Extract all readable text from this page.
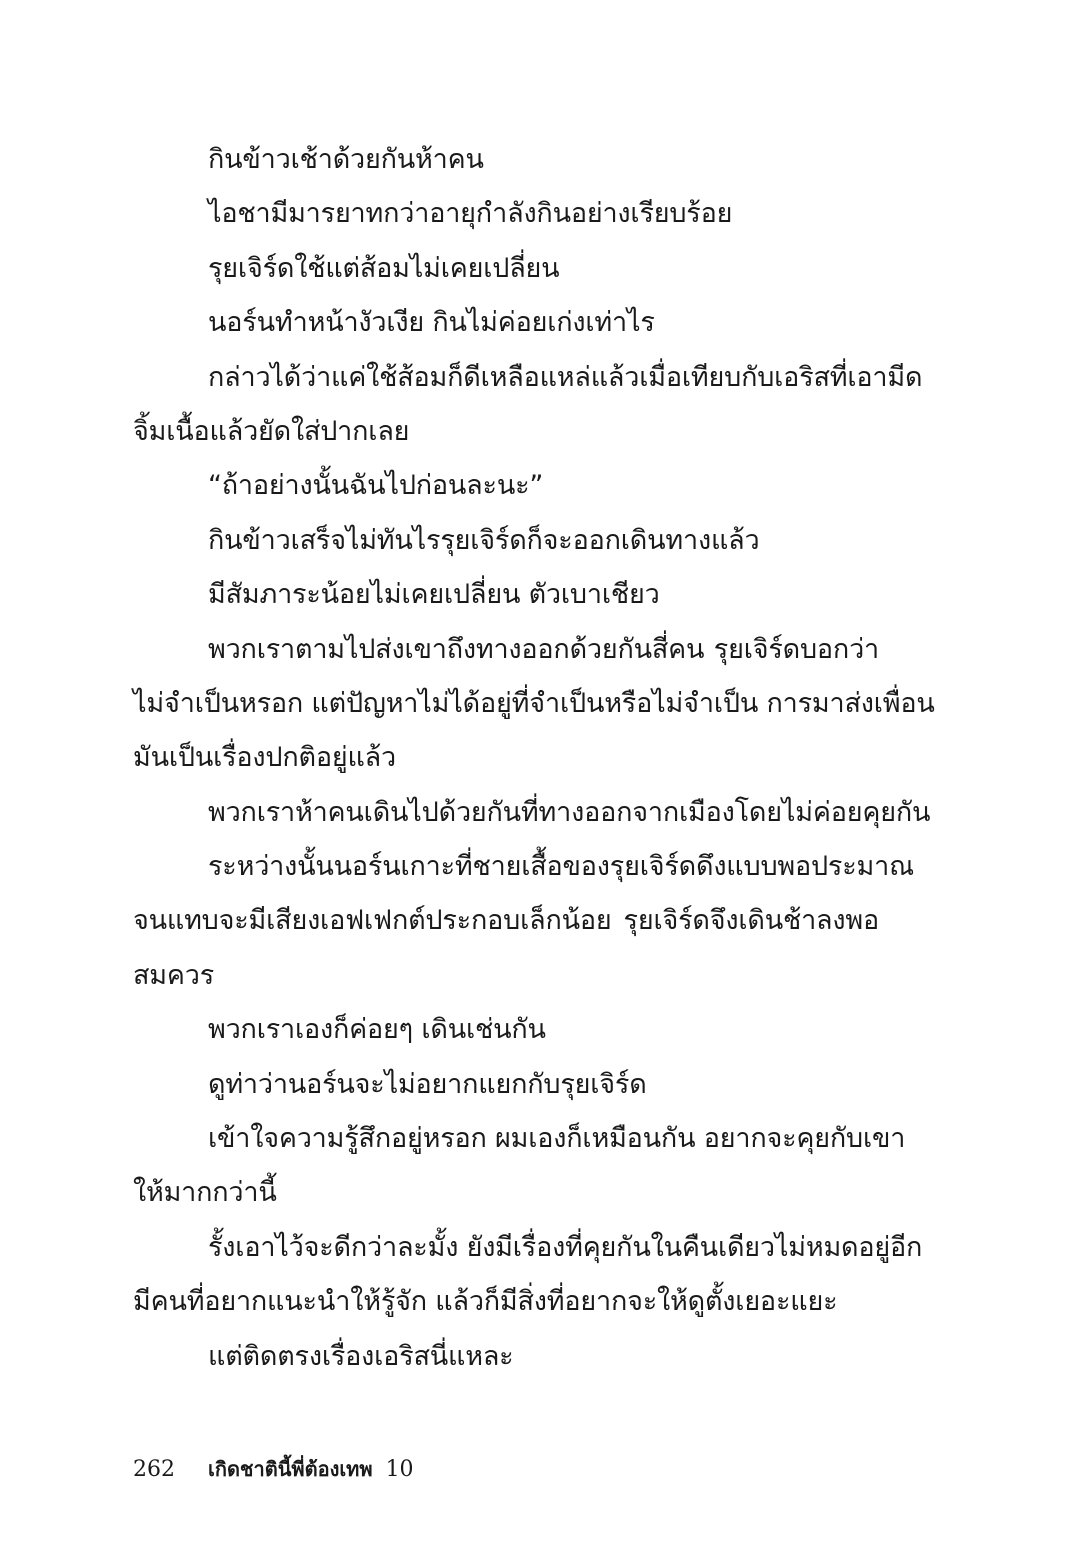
กินข้าวเช้าด้วยกันห้าคน
ไอชามีมารยาทกว่าอายุกำลังกินอย่างเรียบร้อย
รุยเจิร์ดใช้แต่ส้อมไม่เคยเปลี่ยน
นอร์นทำหน้างัวเงีย กินไม่ค่อยเก่งเท่าไร
กล่าวได้ว่าแค่ใช้ส้อมก็ดีเหลือแหล่แล้วเมื่อเทียบกับเอริสที่เอามีด
จิ้มเนื้อแล้วยัดใส่ปากเลย
“ถ้าอย่างนั้นฉันไปก่อนละนะ”
กินข้าวเสร็จไม่ทันไรรุยเจิร์ดก็จะออกเดินทางแล้ว
มีสัมภาระน้อยไม่เคยเปลี่ยน ตัวเบาเชียว
พวกเราตามไปส่งเขาถึงทางออกด้วยกันสี่คน รุยเจิร์ดบอกว่า
ไม่จำเป็นหรอก แต่ปัญหาไม่ได้อยู่ที่จำเป็นหรือไม่จำเป็น การมาส่งเพื่อน
มันเป็นเรื่องปกติอยู่แล้ว
พวกเราห้าคนเดินไปด้วยกันที่ทางออกจากเมืองโดยไม่ค่อยคุยกัน
ระหว่างนั้นนอร์นเกาะที่ชายเสื้อของรุยเจิร์ดดึงแบบพอประมาณ
จนแทบจะมีเสียงเอฟเฟกต์ประกอบเล็กน้อย รุยเจิร์ดจึงเดินช้าลงพอ
สมควร
พวกเราเองก็ค่อยๆ เดินเช่นกัน
ดูท่าว่านอร์นจะไม่อยากแยกกับรุยเจิร์ด
เข้าใจความรู้สึกอยู่หรอก ผมเองก็เหมือนกัน อยากจะคุยกับเขา
ให้มากกว่านี้
รั้งเอาไว้จะดีกว่าละมั้ง ยังมีเรื่องที่คุยกันในคืนเดียวไม่หมดอยู่อีก
มีคนที่อยากแนะนำให้รู้จัก แล้วก็มีสิ่งที่อยากจะให้ดูตั้งเยอะแยะ
แต่ติดตรงเรื่องเอริสนี่แหละ
262 เกิดชาตินี้พี่ต้องเทพ 10
